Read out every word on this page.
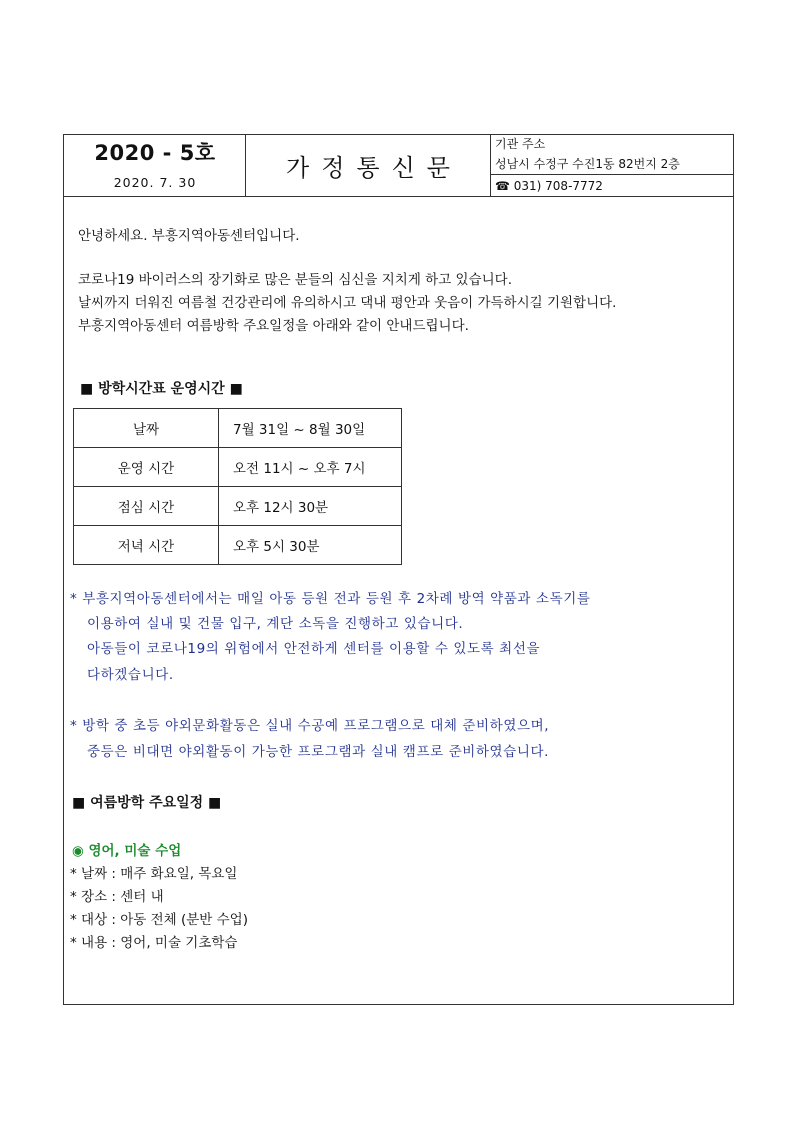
2020 - 5호
2020. 7. 30
가정통신문
기관 주소
성남시 수정구 수진1동 82번지 2층
☎ 031) 708-7772
안녕하세요. 부흥지역아동센터입니다.
코로나19 바이러스의 장기화로 많은 분들의 심신을 지치게 하고 있습니다.
날씨까지 더워진 여름철 건강관리에 유의하시고 댁내 평안과 웃음이 가득하시길 기원합니다.
부흥지역아동센터 여름방학 주요일정을 아래와 같이 안내드립니다.
■ 방학시간표 운영시간 ■
날짜	7월 31일 ~ 8월 30일
운영 시간	오전 11시 ~ 오후 7시
점심 시간	오후 12시 30분
저녁 시간	오후 5시 30분
* 부흥지역아동센터에서는 매일 아동 등원 전과 등원 후 2차례 방역 약품과 소독기를
이용하여 실내 및 건물 입구, 계단 소독을 진행하고 있습니다.
아동들이 코로나19의 위험에서 안전하게 센터를 이용할 수 있도록 최선을
다하겠습니다.
* 방학 중 초등 야외문화활동은 실내 수공예 프로그램으로 대체 준비하였으며,
중등은 비대면 야외활동이 가능한 프로그램과 실내 캠프로 준비하였습니다.
■ 여름방학 주요일정 ■
◉ 영어, 미술 수업
* 날짜 : 매주 화요일, 목요일
* 장소 : 센터 내
* 대상 : 아동 전체 (분반 수업)
* 내용 : 영어, 미술 기초학습
